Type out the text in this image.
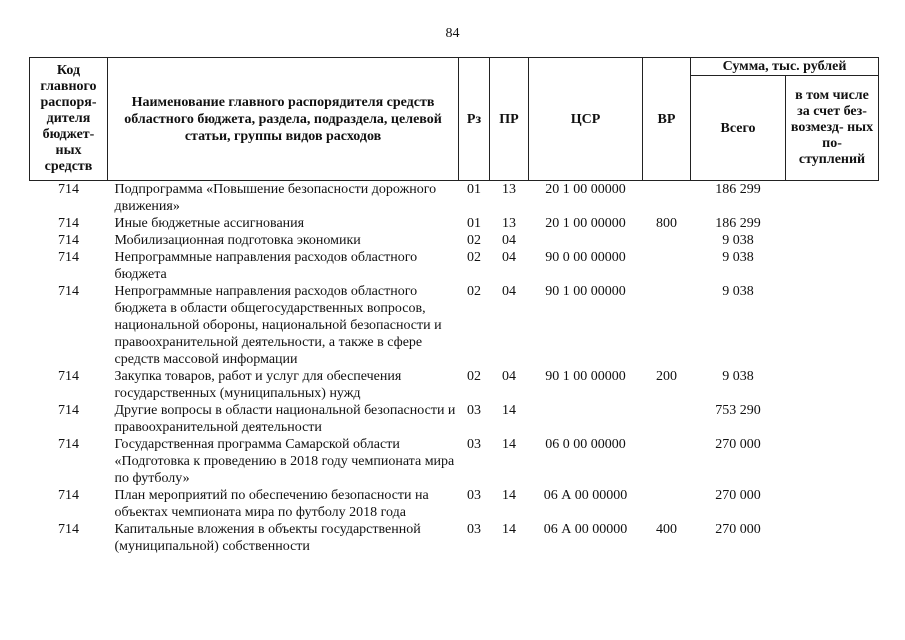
84
Код главного распоря- дителя бюджет- ных средств	Наименование главного распорядителя средств областного бюджета, раздела, подраздела, целевой статьи, группы видов расходов	Рз	ПР	ЦСР	ВР	Сумма, тыс. рублей	
						Всего	в том числе за счет без- возмезд- ных по- ступлений
714	Подпрограмма «Повышение безопасности дорожного движения»	01	13	20 1 00 00000		186 299	
714	Иные бюджетные ассигнования	01	13	20 1 00 00000	800	186 299	
714	Мобилизационная подготовка экономики	02	04			9 038	
714	Непрограммные направления расходов областного бюджета	02	04	90 0 00 00000		9 038	
714	Непрограммные направления расходов областного бюджета в области общегосударственных вопросов, национальной обороны, национальной безопасности и правоохранительной деятельности, а также в сфере средств массовой информации	02	04	90 1 00 00000		9 038	
714	Закупка товаров, работ и услуг для обеспечения государственных (муниципальных) нужд	02	04	90 1 00 00000	200	9 038	
714	Другие вопросы в области национальной безопасности и правоохранительной деятельности	03	14			753 290	
714	Государственная программа Самарской области «Подготовка к проведению в 2018 году чемпионата мира по футболу»	03	14	06 0 00 00000		270 000	
714	План мероприятий по обеспечению безопасности на объектах чемпионата мира по футболу 2018 года	03	14	06 А 00 00000		270 000	
714	Капитальные вложения в объекты государственной (муниципальной) собственности	03	14	06 А 00 00000	400	270 000	
